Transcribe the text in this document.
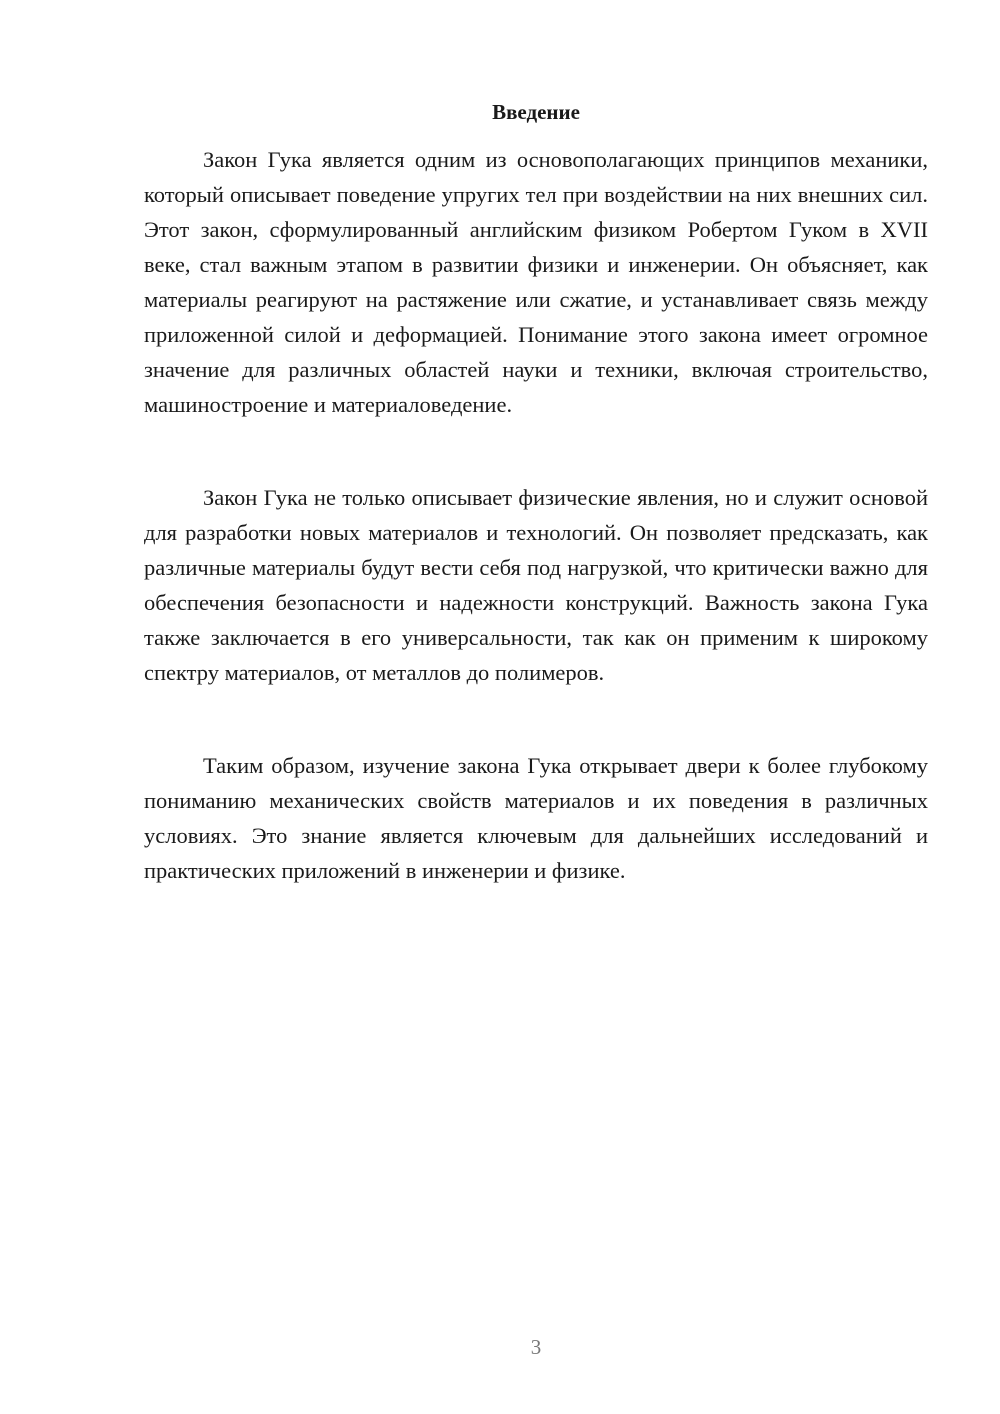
Введение

Закон Гука является одним из основополагающих принципов механики, который описывает поведение упругих тел при воздействии на них внешних сил. Этот закон, сформулированный английским физиком Робертом Гуком в XVII веке, стал важным этапом в развитии физики и инженерии. Он объясняет, как материалы реагируют на растяжение или сжатие, и устанавливает связь между приложенной силой и деформацией. Понимание этого закона имеет огромное значение для различных областей науки и техники, включая строительство, машиностроение и материаловедение.

Закон Гука не только описывает физические явления, но и служит основой для разработки новых материалов и технологий. Он позволяет предсказать, как различные материалы будут вести себя под нагрузкой, что критически важно для обеспечения безопасности и надежности конструкций. Важность закона Гука также заключается в его универсальности, так как он применим к широкому спектру материалов, от металлов до полимеров.

Таким образом, изучение закона Гука открывает двери к более глубокому пониманию механических свойств материалов и их поведения в различных условиях. Это знание является ключевым для дальнейших исследований и практических приложений в инженерии и физике.

3
